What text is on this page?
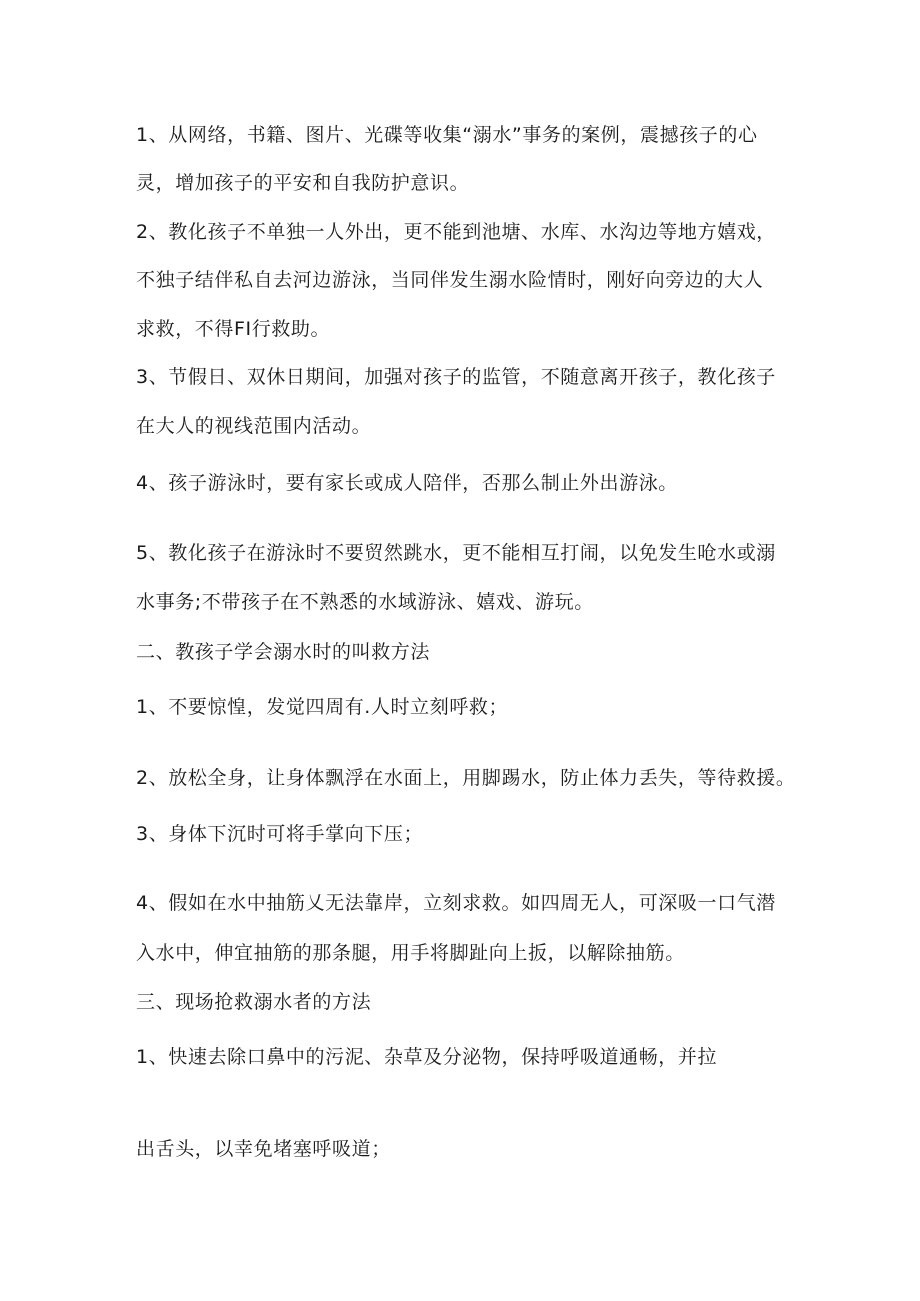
1、从网络，书籍、图片、光碟等收集“溺水”事务的案例，震撼孩子的心
灵，增加孩子的平安和自我防护意识。
2、教化孩子不单独一人外出，更不能到池塘、水库、水沟边等地方嬉戏，
不独子结伴私自去河边游泳，当同伴发生溺水险情时，刚好向旁边的大人
求救，不得FI行救助。
3、节假日、双休日期间，加强对孩子的监管，不随意离开孩子，教化孩子
在大人的视线范围内活动。
4、孩子游泳时，要有家长或成人陪伴，否那么制止外出游泳。
5、教化孩子在游泳时不要贸然跳水，更不能相互打闹，以免发生呛水或溺
水事务;不带孩子在不熟悉的水域游泳、嬉戏、游玩。
二、教孩子学会溺水时的叫救方法
1、不要惊惶，发觉四周有.人时立刻呼救；
2、放松全身，让身体飘浮在水面上，用脚踢水，防止体力丢失，等待救援。
3、身体下沉时可将手掌向下压；
4、假如在水中抽筋乂无法靠岸，立刻求救。如四周无人，可深吸一口气潜
入水中，伸宜抽筋的那条腿，用手将脚趾向上扳，以解除抽筋。
三、现场抢救溺水者的方法
1、快速去除口鼻中的污泥、杂草及分泌物，保持呼吸道通畅，并拉
出舌头，以幸免堵塞呼吸道；
